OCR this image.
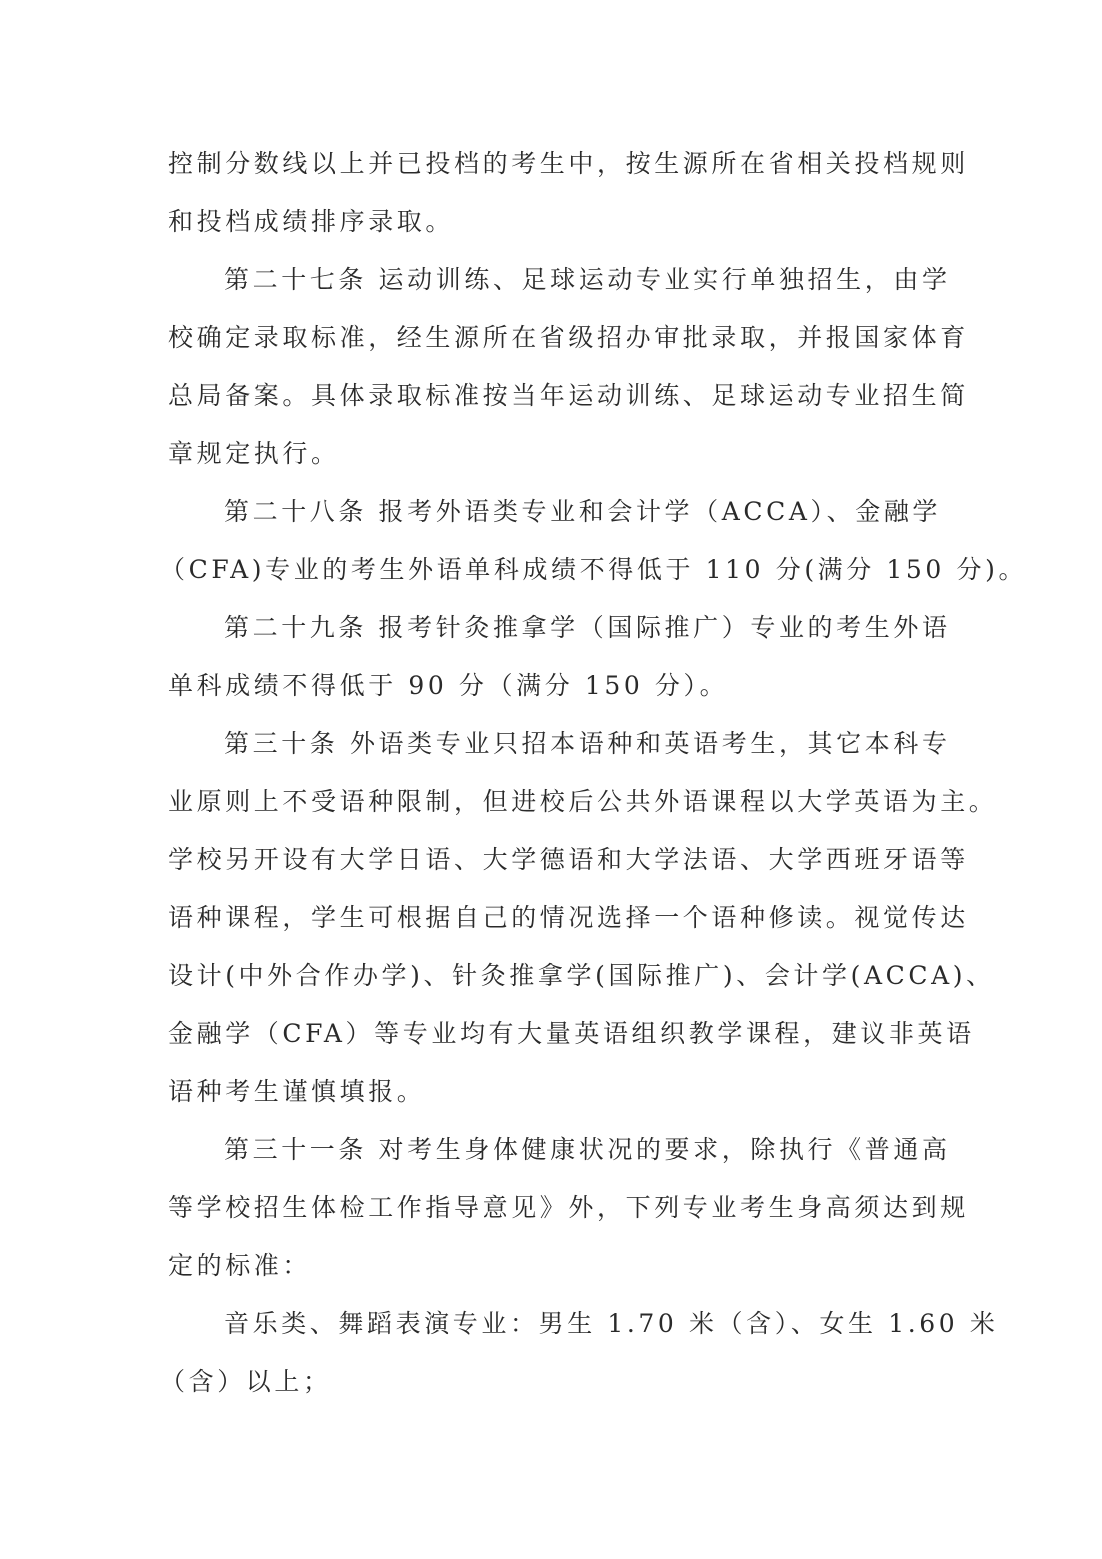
控制分数线以上并已投档的考生中，按生源所在省相关投档规则
和投档成绩排序录取。
第二十七条 运动训练、足球运动专业实行单独招生，由学
校确定录取标准，经生源所在省级招办审批录取，并报国家体育
总局备案。具体录取标准按当年运动训练、足球运动专业招生简
章规定执行。
第二十八条 报考外语类专业和会计学（ACCA）、金融学
（CFA)专业的考生外语单科成绩不得低于 110 分(满分 150 分)。
第二十九条 报考针灸推拿学（国际推广）专业的考生外语
单科成绩不得低于 90 分（满分 150 分）。
第三十条 外语类专业只招本语种和英语考生，其它本科专
业原则上不受语种限制，但进校后公共外语课程以大学英语为主。
学校另开设有大学日语、大学德语和大学法语、大学西班牙语等
语种课程，学生可根据自己的情况选择一个语种修读。视觉传达
设计(中外合作办学)、针灸推拿学(国际推广)、会计学(ACCA)、
金融学（CFA）等专业均有大量英语组织教学课程，建议非英语
语种考生谨慎填报。
第三十一条 对考生身体健康状况的要求，除执行《普通高
等学校招生体检工作指导意见》外，下列专业考生身高须达到规
定的标准：
音乐类、舞蹈表演专业：男生 1.70 米（含）、女生 1.60 米
（含）以上；
